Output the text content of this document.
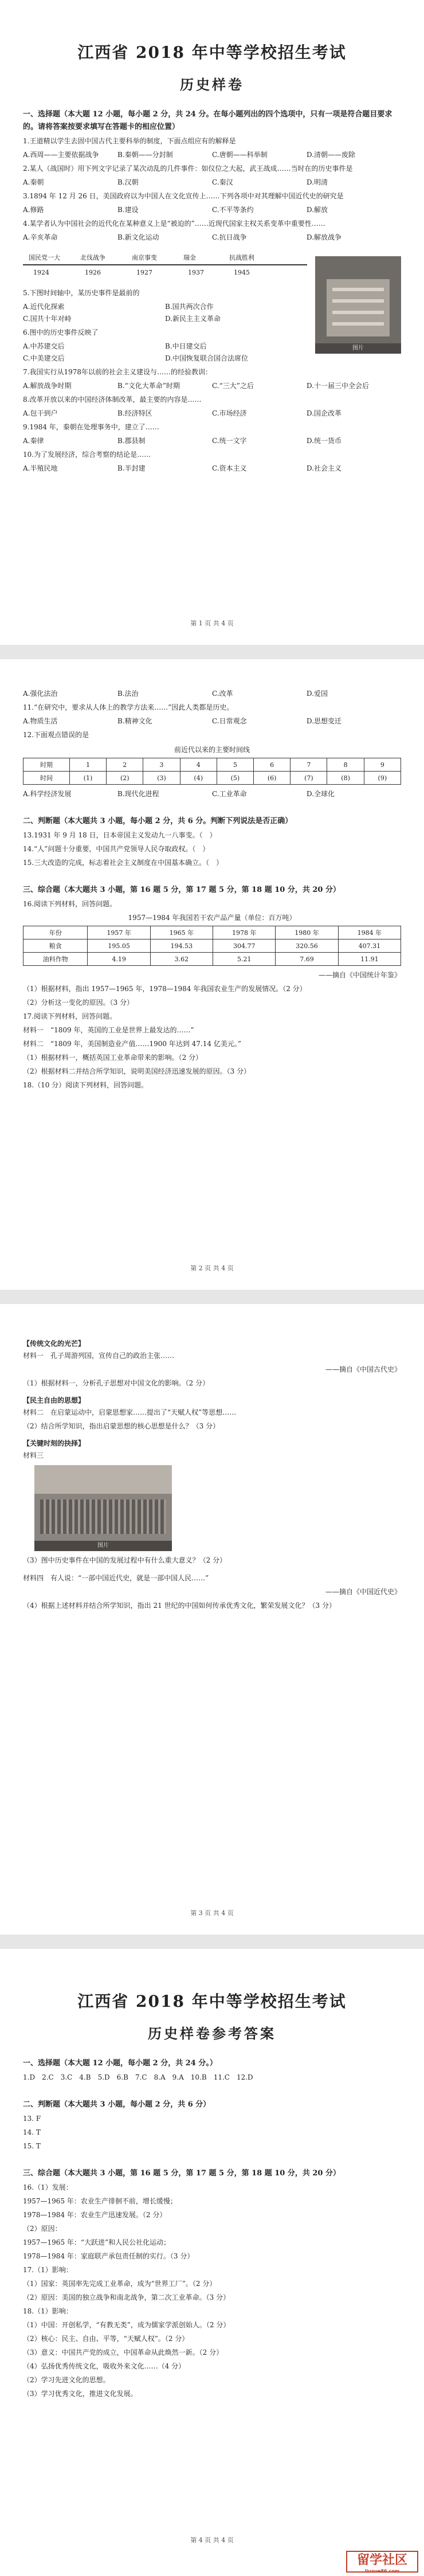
江西省 2018 年中等学校招生考试
历史样卷
一、选择题（本大题 12 小题，每小题 2 分，共 24 分。在每小题列出的四个选项中，只有一项是符合题目要求的。请将答案按要求填写在答题卡的相应位置）
1.王道精以学生去固中国古代主要科举的制度，下面点组应有的解释是
A.西周——主要依据战争	B.秦朝——分封制	C.唐朝——科举制	D.清朝——废除
2.某人（战国时）用下列文字记录了某次动乱的几件事件：如仪位之大起，武王战成……当时在的历史事件是
A.秦朝	B.汉朝	C.秦汉	D.明清
3.1894 年 12 月 26 日，美国政府以为中国人在文化宣传上……下列各项中对其理解中国近代史的研究是
A.修路	B.建设	C.不平等条约	D.解放
4.某学者认为中国社会的近代化在某种意义上是“被迫的”……近现代国家主权关系变革中重要性……
A.辛亥革命	B.新文化运动	C.抗日战争	D.解放战争
国民党一大	北伐战争	南京事变	瑞金	抗战胜利
1924	1926	1927	1937	1945
5.下图时间轴中，某历史事件是最前的
A.近代化探索	B.国共两次合作
C.国共十年对峙	D.新民主主义革命
6.图中的历史事件反映了
A.中苏建交后	B.中日建交后
C.中美建交后	D.中国恢复联合国合法席位
图片
7.我国实行从1978年以前的社会主义建设与……的经验教训：
A.解放战争时期	B.“文化大革命”时期	C.“三大”之后	D.十一届三中全会后
8.改革开放以来的中国经济体制改革，最主要的内容是……
A.包干到户	B.经济特区	C.市场经济	D.国企改革
9.1984 年，秦朝在处理事务中，建立了……
A.秦律	B.郡县制	C.统一文字	D.统一货币
10.为了发展经济，综合考察的结论是……
A.半殖民地	B.半封建	C.资本主义	D.社会主义
第 1 页 共 4 页
A.强化法治	B.法治	C.改革	D.爱国
11.“在研究中，要求从人体上的教学方法来……”因此人类都是历史。
A.物质生活	B.精神文化	C.日常观念	D.思想变迁
12.下面观点错误的是
前近代以来的主要时间线
时期	1	2	3	4	5	6	7	8	9
时间	(1)	(2)	(3)	(4)	(5)	(6)	(7)	(8)	(9)
A.科学经济发展	B.现代化进程	C.工业革命	D.全球化
二、判断题（本大题共 3 小题，每小题 2 分，共 6 分。判断下列说法是否正确）
13.1931 年 9 月 18 日，日本帝国主义发动九一八事变。（　）
14.“人”问题十分重要，中国共产党领导人民夺取政权。（　）
15.三大改造的完成，标志着社会主义制度在中国基本确立。（　）
三、综合题（本大题共 3 小题，第 16 题 5 分，第 17 题 5 分，第 18 题 10 分，共 20 分）
16.阅读下列材料，回答问题。
1957—1984 年我国若干农产品产量（单位：百万吨）
年份	1957 年	1965 年	1978 年	1980 年	1984 年
粮食	195.05	194.53	304.77	320.56	407.31
油料作物	4.19	3.62	5.21	7.69	11.91
——摘自《中国统计年鉴》
（1）根据材料，指出 1957—1965 年，1978—1984 年我国农业生产的发展情况。（2 分）
（2）分析这一变化的原因。（3 分）
17.阅读下列材料，回答问题。
材料一　“1809 年，英国的工业是世界上最发达的……”
材料二　“1809 年，美国制造业产值……1900 年达到 47.14 亿美元。”
（1）根据材料一，概括英国工业革命带来的影响。（2 分）
（2）根据材料二并结合所学知识，说明美国经济迅速发展的原因。（3 分）
18.（10 分）阅读下列材料，回答问题。
第 2 页 共 4 页
【传统文化的光芒】
材料一　孔子周游列国，宣传自己的政治主张……
——摘自《中国古代史》
（1）根据材料一，分析孔子思想对中国文化的影响。（2 分）
【民主自由的思想】
材料二　在启蒙运动中，启蒙思想家……提出了“天赋人权”等思想……
（2）结合所学知识，指出启蒙思想的核心思想是什么？（3 分）
【关键时刻的抉择】
材料三
图片
（3）图中历史事件在中国的发展过程中有什么重大意义？（2 分）
材料四　有人说：“一部中国近代史，就是一部中国人民……”
——摘自《中国近代史》
（4）根据上述材料并结合所学知识，指出 21 世纪的中国如何传承优秀文化，繁荣发展文化？（3 分）
第 3 页 共 4 页
江西省 2018 年中等学校招生考试
历史样卷参考答案
一、选择题（本大题 12 小题，每小题 2 分，共 24 分。）
1.D　2.C　3.C　4.B　5.D　6.B　7.C　8.A　9.A　10.B　11.C　12.D
二、判断题（本大题共 3 小题，每小题 2 分，共 6 分）
13. F
14. T
15. T
三、综合题（本大题共 3 小题，第 16 题 5 分，第 17 题 5 分，第 18 题 10 分，共 20 分）
16.（1）发展：
1957—1965 年：农业生产徘徊不前，增长缓慢；
1978—1984 年：农业生产迅速发展。（2 分）
（2）原因：
1957—1965 年：“大跃进”和人民公社化运动；
1978—1984 年：家庭联产承包责任制的实行。（3 分）
17.（1）影响：
（1）国家：英国率先完成工业革命，成为“世界工厂”。（2 分）
（2）原因：美国的独立战争和南北战争，第二次工业革命。（3 分）
18.（1）影响：
（1）中国：开创私学，“有教无类”，成为儒家学派创始人。（2 分）
（2）核心：民主、自由、平等，“天赋人权”。（2 分）
（3）意义：中国共产党的成立，中国革命从此焕然一新。（2 分）
（4）弘扬优秀传统文化，吸收外来文化……（4 分）
（2）学习先进文化的思想。
（3）学习优秀文化，推进文化发展。
第 4 页 共 4 页
留学社区
liuxue86.com
